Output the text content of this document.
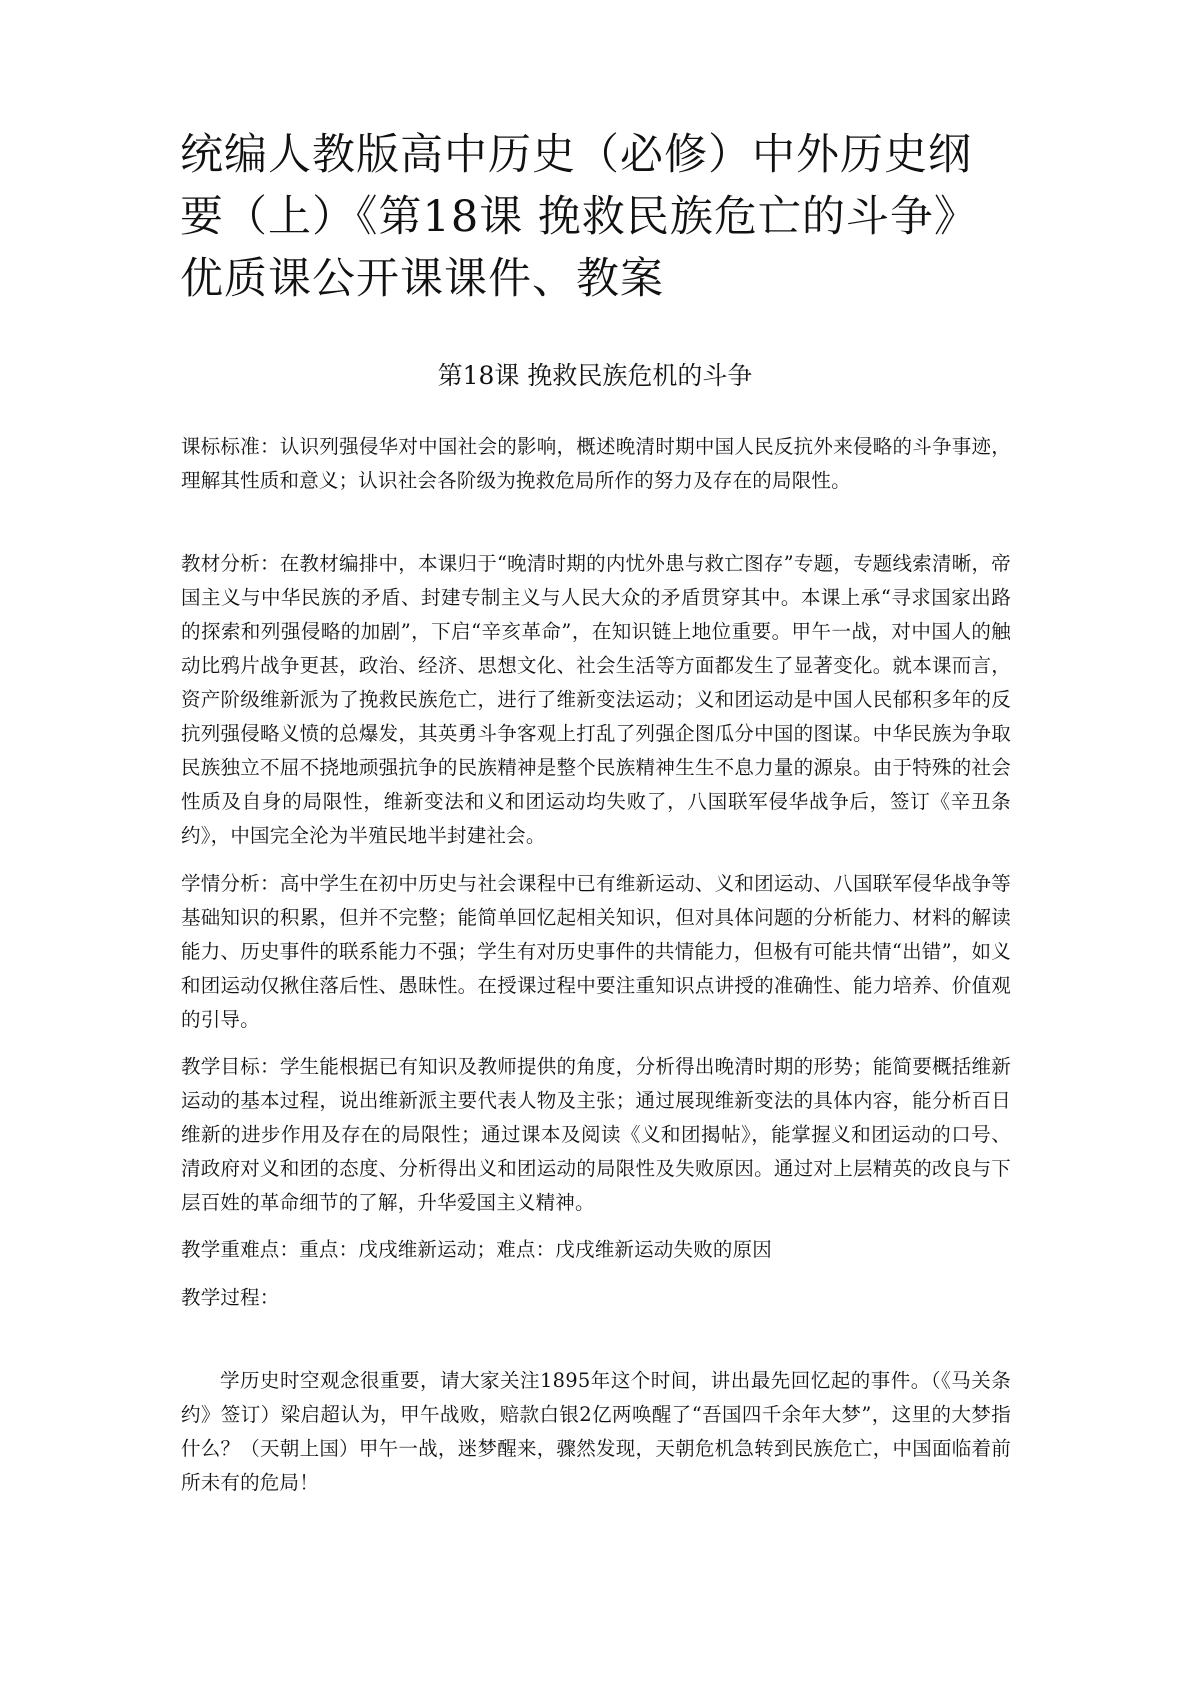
统编人教版高中历史（必修）中外历史纲要（上）《第18课 挽救民族危亡的斗争》优质课公开课课件、教案
第18课 挽救民族危机的斗争

课标标准：认识列强侵华对中国社会的影响，概述晚清时期中国人民反抗外来侵略的斗争事迹，理解其性质和意义；认识社会各阶级为挽救危局所作的努力及存在的局限性。

教材分析：在教材编排中，本课归于“晚清时期的内忧外患与救亡图存”专题，专题线索清晰，帝国主义与中华民族的矛盾、封建专制主义与人民大众的矛盾贯穿其中。本课上承“寻求国家出路的探索和列强侵略的加剧”，下启“辛亥革命”，在知识链上地位重要。甲午一战，对中国人的触动比鸦片战争更甚，政治、经济、思想文化、社会生活等方面都发生了显著变化。就本课而言，资产阶级维新派为了挽救民族危亡，进行了维新变法运动；义和团运动是中国人民郁积多年的反抗列强侵略义愤的总爆发，其英勇斗争客观上打乱了列强企图瓜分中国的图谋。中华民族为争取民族独立不屈不挠地顽强抗争的民族精神是整个民族精神生生不息力量的源泉。由于特殊的社会性质及自身的局限性，维新变法和义和团运动均失败了，八国联军侵华战争后，签订《辛丑条约》，中国完全沦为半殖民地半封建社会。

学情分析：高中学生在初中历史与社会课程中已有维新运动、义和团运动、八国联军侵华战争等基础知识的积累，但并不完整；能简单回忆起相关知识，但对具体问题的分析能力、材料的解读能力、历史事件的联系能力不强；学生有对历史事件的共情能力，但极有可能共情“出错”，如义和团运动仅揪住落后性、愚昧性。在授课过程中要注重知识点讲授的准确性、能力培养、价值观的引导。

教学目标：学生能根据已有知识及教师提供的角度，分析得出晚清时期的形势；能简要概括维新运动的基本过程，说出维新派主要代表人物及主张；通过展现维新变法的具体内容，能分析百日维新的进步作用及存在的局限性；通过课本及阅读《义和团揭帖》，能掌握义和团运动的口号、清政府对义和团的态度、分析得出义和团运动的局限性及失败原因。通过对上层精英的改良与下层百姓的革命细节的了解，升华爱国主义精神。

教学重难点：重点：戊戌维新运动；难点：戊戌维新运动失败的原因

教学过程：

学历史时空观念很重要，请大家关注1895年这个时间，讲出最先回忆起的事件。（《马关条约》签订）梁启超认为，甲午战败，赔款白银2亿两唤醒了“吾国四千余年大梦”，这里的大梦指什么？（天朝上国）甲午一战，迷梦醒来，骤然发现，天朝危机急转到民族危亡，中国面临着前所未有的危局！
